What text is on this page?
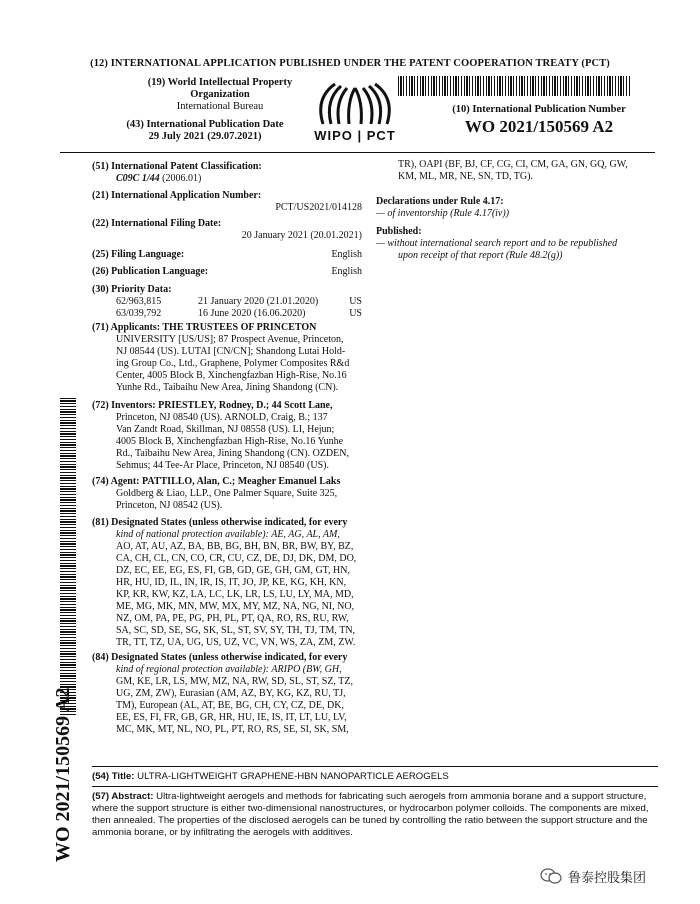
(12) INTERNATIONAL APPLICATION PUBLISHED UNDER THE PATENT COOPERATION TREATY (PCT)
(19) World Intellectual Property
Organization
International Bureau
(43) International Publication Date
29 July 2021 (29.07.2021)	WIPO | PCT
(10) International Publication Number
WO 2021/150569 A2
WO 2021/150569 A2
(51) International Patent Classification:
C09C 1/44 (2006.01)
(21) International Application Number:
PCT/US2021/014128
(22) International Filing Date:
20 January 2021 (20.01.2021)
(25) Filing Language:	English
(26) Publication Language:	English
(30) Priority Data:
62/963,815	21 January 2020 (21.01.2020)	US
63/039,792	16 June 2020 (16.06.2020)	US
(71) Applicants: THE TRUSTEES OF PRINCETON
UNIVERSITY [US/US]; 87 Prospect Avenue, Princeton,
NJ 08544 (US). LUTAI [CN/CN]; Shandong Lutai Hold-
ing Group Co., Ltd., Graphene, Polymer Composites R&d
Center, 4005 Block B, Xinchengfazban High-Rise, No.16
Yunhe Rd., Taibaihu New Area, Jining Shandong (CN).
(72) Inventors: PRIESTLEY, Rodney, D.; 44 Scott Lane,
Princeton, NJ 08540 (US). ARNOLD, Craig, B.; 137
Van Zandt Road, Skillman, NJ 08558 (US). LI, Hejun;
4005 Block B, Xinchengfazban High-Rise, No.16 Yunhe
Rd., Taibaihu New Area, Jining Shandong (CN). OZDEN,
Sehmus; 44 Tee-Ar Place, Princeton, NJ 08540 (US).
(74) Agent: PATTILLO, Alan, C.; Meagher Emanuel Laks
Goldberg & Liao, LLP., One Palmer Square, Suite 325,
Princeton, NJ 08542 (US).
(81) Designated States (unless otherwise indicated, for every
kind of national protection available): AE, AG, AL, AM,
AO, AT, AU, AZ, BA, BB, BG, BH, BN, BR, BW, BY, BZ,
CA, CH, CL, CN, CO, CR, CU, CZ, DE, DJ, DK, DM, DO,
DZ, EC, EE, EG, ES, FI, GB, GD, GE, GH, GM, GT, HN,
HR, HU, ID, IL, IN, IR, IS, IT, JO, JP, KE, KG, KH, KN,
KP, KR, KW, KZ, LA, LC, LK, LR, LS, LU, LY, MA, MD,
ME, MG, MK, MN, MW, MX, MY, MZ, NA, NG, NI, NO,
NZ, OM, PA, PE, PG, PH, PL, PT, QA, RO, RS, RU, RW,
SA, SC, SD, SE, SG, SK, SL, ST, SV, SY, TH, TJ, TM, TN,
TR, TT, TZ, UA, UG, US, UZ, VC, VN, WS, ZA, ZM, ZW.
(84) Designated States (unless otherwise indicated, for every
kind of regional protection available): ARIPO (BW, GH,
GM, KE, LR, LS, MW, MZ, NA, RW, SD, SL, ST, SZ, TZ,
UG, ZM, ZW), Eurasian (AM, AZ, BY, KG, KZ, RU, TJ,
TM), European (AL, AT, BE, BG, CH, CY, CZ, DE, DK,
EE, ES, FI, FR, GB, GR, HR, HU, IE, IS, IT, LT, LU, LV,
MC, MK, MT, NL, NO, PL, PT, RO, RS, SE, SI, SK, SM,
TR), OAPI (BF, BJ, CF, CG, CI, CM, GA, GN, GQ, GW,
KM, ML, MR, NE, SN, TD, TG).
Declarations under Rule 4.17:
— of inventorship (Rule 4.17(iv))
Published:
— without international search report and to be republished
upon receipt of that report (Rule 48.2(g))
(54) Title: ULTRA-LIGHTWEIGHT GRAPHENE-HBN NANOPARTICLE AEROGELS
(57) Abstract: Ultra-lightweight aerogels and methods for fabricating such aerogels from ammonia borane and a support structure,
where the support structure is either two-dimensional nanostructures, or hydrocarbon polymer colloids. The components are mixed,
then annealed. The properties of the disclosed aerogels can be tuned by controlling the ratio between the support structure and the
ammonia borane, or by infiltrating the aerogels with additives.
鲁泰控股集团
